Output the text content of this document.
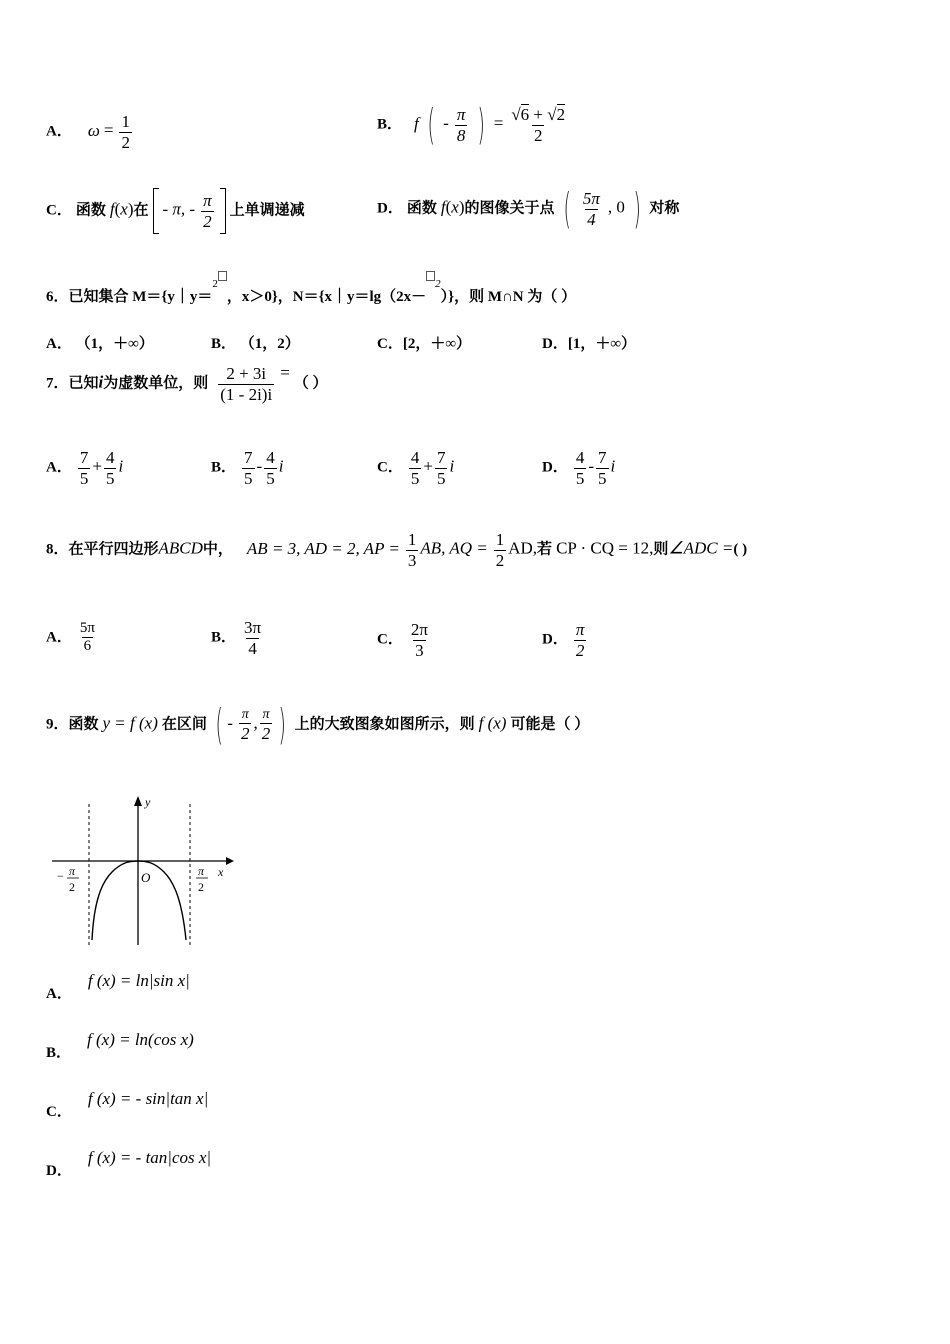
A． $\omega = \frac{1}{2}$	B． f ( - $\frac{\pi}{8}$ ) = $\frac{√6 + √2}{2}$
C． 函数 f(x)在 - π, - $\frac{\pi}{2}$ 上单调递减	D． 函数 f(x)的图像关于点 ( $\frac{5\pi}{4}$ , 0 ) 对称
6．已知集合 M＝{y｜y＝$^2$，x＞0}，N＝{x｜y＝lg（2x－$^2$）}，则 M∩N 为（ ）
A． （1，＋∞）	B． （1，2）	C．[2，＋∞）	D．[1，＋∞）
7．已知i为虚数单位，则 $\frac{2 + 3i}{(1 - 2i)i}$ = （ ）
A． $\frac{7}{5} + \frac{4}{5}$ i	B． $\frac{7}{5} - \frac{4}{5}$ i	C． $\frac{4}{5} + \frac{7}{5}$ i	D． $\frac{4}{5} - \frac{7}{5}$ i
8．在平行四边形ABCD中， AB = 3, AD = 2, AP = $\frac{1}{3}$ AB, AQ = $\frac{1}{2}$ AD,若 CP · CQ = 12,则∠ADC =( )
A． $\frac{5\pi}{6}$	B． $\frac{3\pi}{4}$	C． $\frac{2\pi}{3}$	D． $\frac{\pi}{2}$
9．函数 y = f (x) 在区间 ( - $\frac{\pi}{2}$ , $\frac{\pi}{2}$ ) 上的大致图象如图所示，则 f (x) 可能是（ ）
y
x
O
− π
2
π
2
A． f (x) = ln|sin x|
B． f (x) = ln(cos x)
C． f (x) = - sin|tan x|
D． f (x) = - tan|cos x|
